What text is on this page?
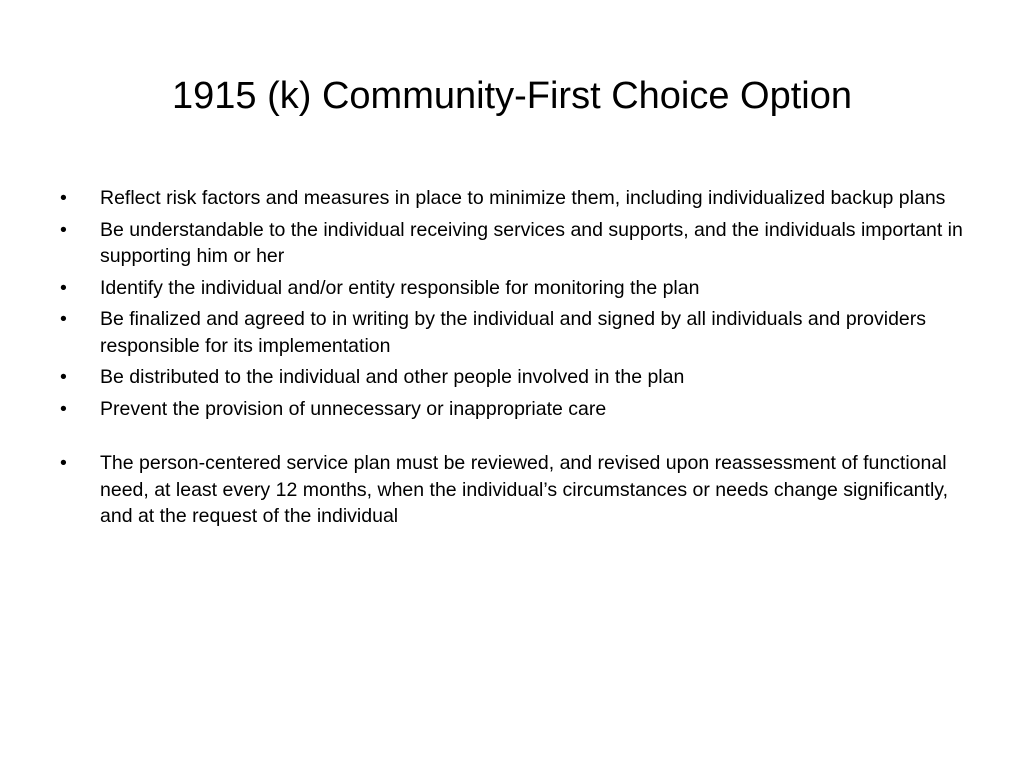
1915 (k) Community-First Choice Option
•	Reflect risk factors and measures in place to minimize them, including individualized backup plans
•	Be understandable to the individual receiving services and supports, and the individuals important in supporting him or her
•	Identify the individual and/or entity responsible for monitoring the plan
•	Be finalized and agreed to in writing by the individual and signed by all individuals and providers responsible for its implementation
•	Be distributed to the individual and other people involved in the plan
•	Prevent the provision of unnecessary or inappropriate care
•	The person-centered service plan must be reviewed, and revised upon reassessment of functional need, at least every 12 months, when the individual’s circumstances or needs change significantly, and at the request of the individual
